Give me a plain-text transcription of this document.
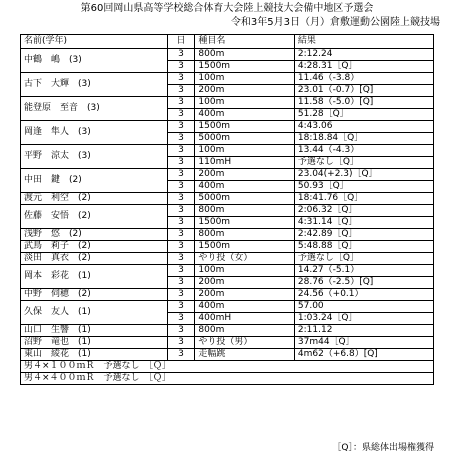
第60回岡山県高等学校総合体育大会陸上競技大会備中地区予選会
令和3年5月3日（月）倉敷運動公園陸上競技場
名前(学年)	日	種目名	結果
中鶴　嶋　(3)	3	800m	2:12.24
	3	1500m	4:28.31［Q］
古下　大輝　(3)	3	100m	11.46（-3.8）
	3	200m	23.01（-0.7）[Q]
能登原　至音　(3)	3	100m	11.58（-5.0）[Q]
	3	400m	51.28［Q］
岡逢　隼人　(3)	3	1500m	4:43.06
	3	5000m	18:18.84［Q］
平野　涼太　(3)	3	100m	13.44（-4.3）
	3	110mH	予選なし［Q］
中田　鍵　(2)	3	200m	23.04(+2.3)［Q］
	3	400m	50.93［Q］
渡元　利空　(2)	3	5000m	18:41.76［Q］
佐藤　安悟　(2)	3	800m	2:06.32［Q］
	3	1500m	4:31.14［Q］
浅野　悠　(2)	3	800m	2:42.89［Q］
武鳥　莉子　(2)	3	1500m	5:48.88［Q］
淡田　真衣　(2)	3	やり投（女）	予選なし［Q］
岡本　彩花　(1)	3	100m	14.27（-5.1）
	3	200m	28.76（-2.5）[Q]
中野　伺穂　(2)	3	200m	24.56（+0.1）
久保　友人　(1)	3	400m	57.00
	3	400mH	1:03.24［Q］
山口　生響　(1)	3	800m	2:11.12
沼野　竜也　(1)	3	やり投（男）	37m44［Q］
東山　綾花　(1)	3	走幅跳	4m62（+6.8）[Q]
男４×１００ｍＲ　予選なし　［Ｑ］			
男４×４００ｍＲ　予選なし　［Ｑ］			
［Q］：県総体出場権獲得
